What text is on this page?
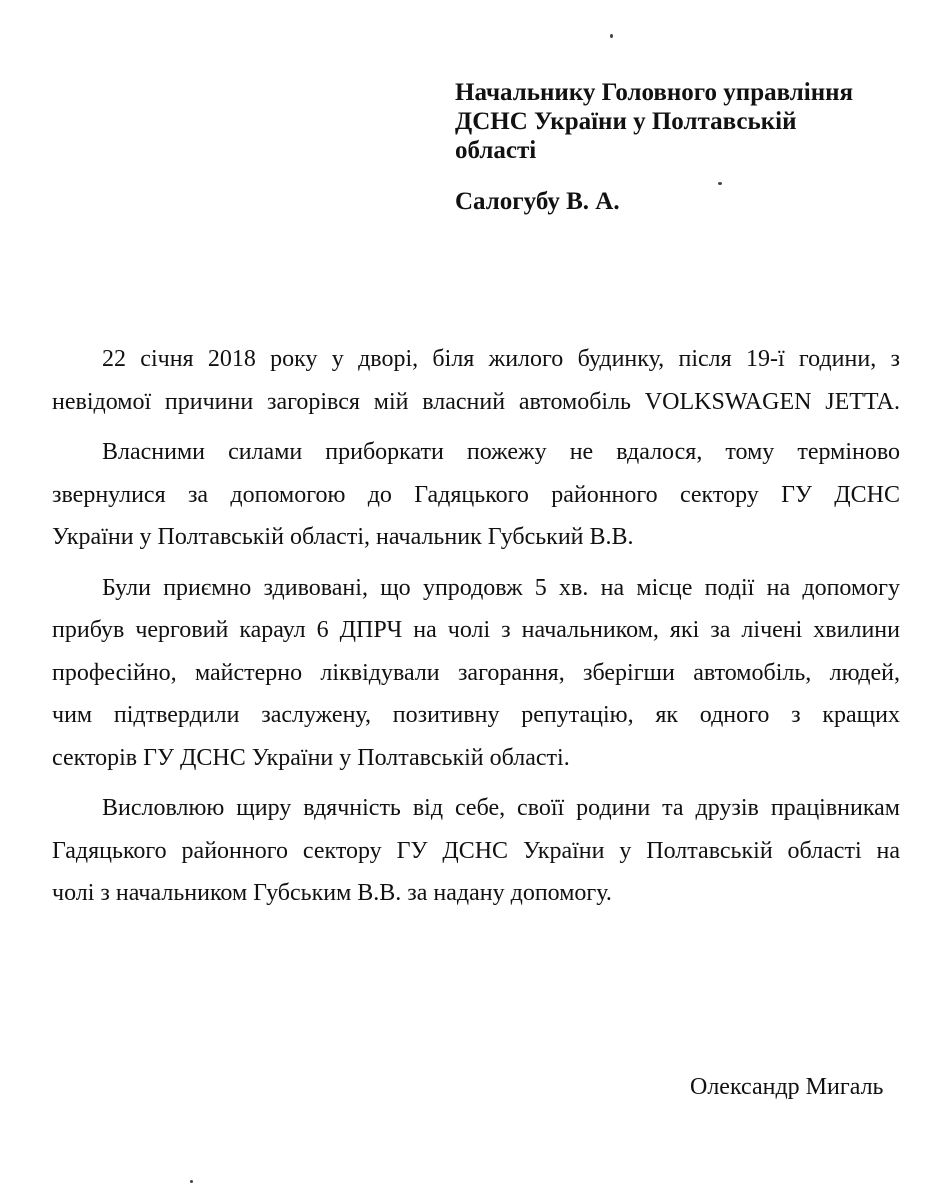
Начальнику Головного управління
ДСНС України у Полтавській
області
Салогубу В. А.

22 січня 2018 року у дворі, біля жилого будинку, після 19-ї години, з
невідомої причини загорівся мій власний автомобіль VOLKSWAGEN JETTA.

Власними силами приборкати пожежу не вдалося, тому терміново
звернулися за допомогою до Гадяцького районного сектору ГУ ДСНС
України у Полтавській області, начальник Губський В.В.

Були приємно здивовані, що упродовж 5 хв. на місце події на допомогу
прибув черговий караул 6 ДПРЧ на чолі з начальником, які за лічені хвилини
професійно, майстерно ліквідували загорання, зберігши автомобіль, людей,
чим підтвердили заслужену, позитивну репутацію, як одного з кращих
секторів ГУ ДСНС України у Полтавській області.

Висловлюю щиру вдячність від себе, своїї родини та друзів працівникам
Гадяцького районного сектору ГУ ДСНС України у Полтавській області на
чолі з начальником Губським В.В. за надану допомогу.

Олександр Мигаль
